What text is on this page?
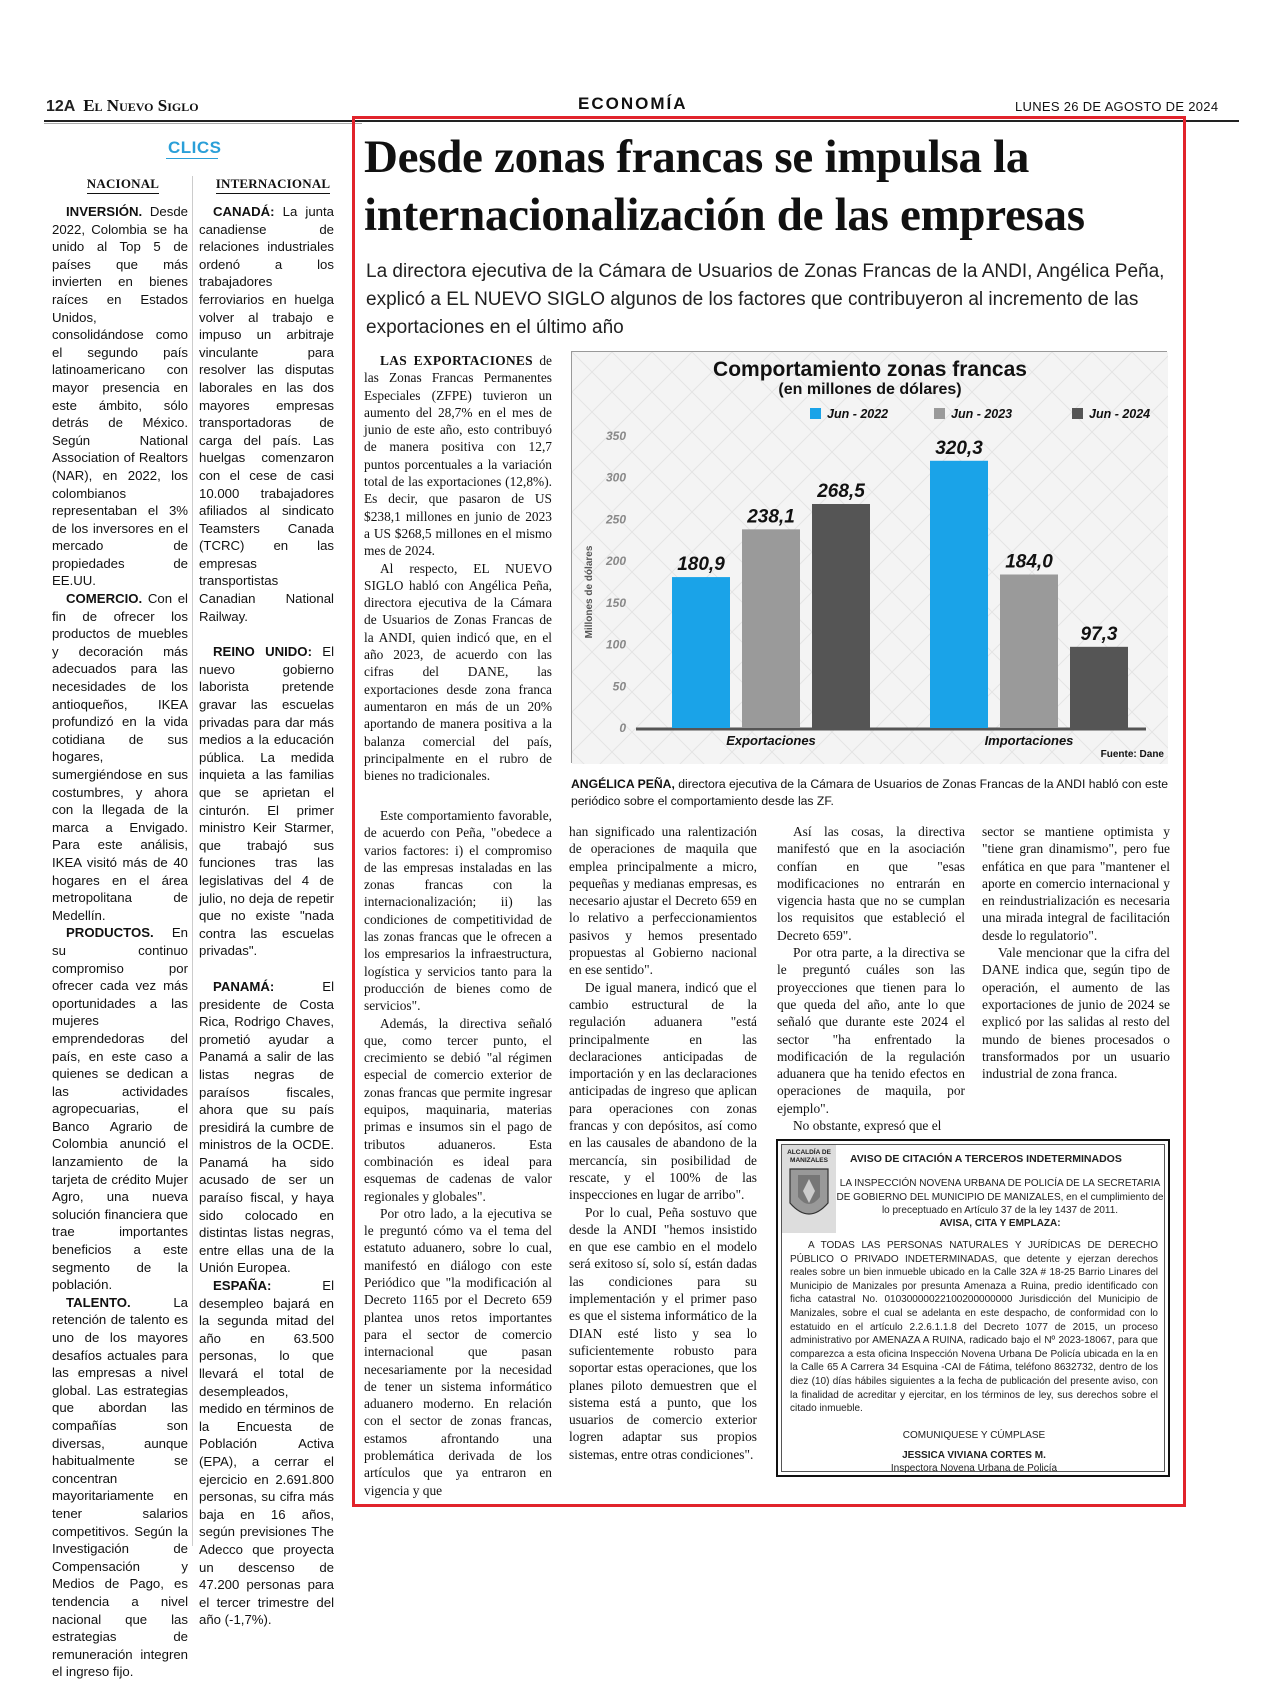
12A El Nuevo Siglo	ECONOMÍA	LUNES 26 DE AGOSTO DE 2024
CLICS
NACIONAL	INTERNACIONAL

INVERSIÓN. Desde 2022, Colombia se ha unido al Top 5 de países que más invierten en bienes raíces en Estados Unidos, consolidándose como el segundo país latinoamericano con mayor presencia en este ámbito, sólo detrás de México. Según National Association of Realtors (NAR), en 2022, los colombianos representaban el 3% de los inversores en el mercado de propiedades de EE.UU.

COMERCIO. Con el fin de ofrecer los productos de muebles y decoración más adecuados para las necesidades de los antioqueños, IKEA profundizó en la vida cotidiana de sus hogares, sumergiéndose en sus costumbres, y ahora con la llegada de la marca a Envigado. Para este análisis, IKEA visitó más de 40 hogares en el área metropolitana de Medellín.

PRODUCTOS. En su continuo compromiso por ofrecer cada vez más oportunidades a las mujeres emprendedoras del país, en este caso a quienes se dedican a las actividades agropecuarias, el Banco Agrario de Colombia anunció el lanzamiento de la tarjeta de crédito Mujer Agro, una nueva solución financiera que trae importantes beneficios a este segmento de la población.

TALENTO. La retención de talento es uno de los mayores desafíos actuales para las empresas a nivel global. Las estrategias que abordan las compañías son diversas, aunque habitualmente se concentran mayoritariamente en tener salarios competitivos. Según la Investigación de Compensación y Medios de Pago, es tendencia a nivel nacional que las estrategias de remuneración integren el ingreso fijo.

CANADÁ: La junta canadiense de relaciones industriales ordenó a los trabajadores ferroviarios en huelga volver al trabajo e impuso un arbitraje vinculante para resolver las disputas laborales en las dos mayores empresas transportadoras de carga del país. Las huelgas comenzaron con el cese de casi 10.000 trabajadores afiliados al sindicato Teamsters Canada (TCRC) en las empresas transportistas Canadian National Railway.

REINO UNIDO: El nuevo gobierno laborista pretende gravar las escuelas privadas para dar más medios a la educación pública. La medida inquieta a las familias que se aprietan el cinturón. El primer ministro Keir Starmer, que trabajó sus funciones tras las legislativas del 4 de julio, no deja de repetir que no existe "nada contra las escuelas privadas".

PANAMÁ: El presidente de Costa Rica, Rodrigo Chaves, prometió ayudar a Panamá a salir de las listas negras de paraísos fiscales, ahora que su país presidirá la cumbre de ministros de la OCDE. Panamá ha sido acusado de ser un paraíso fiscal, y haya sido colocado en distintas listas negras, entre ellas una de la Unión Europea.

ESPAÑA: El desempleo bajará en la segunda mitad del año en 63.500 personas, lo que llevará el total de desempleados, medido en términos de la Encuesta de Población Activa (EPA), a cerrar el ejercicio en 2.691.800 personas, su cifra más baja en 16 años, según previsiones The Adecco que proyecta un descenso de 47.200 personas para el tercer trimestre del año (-1,7%).

Desde zonas francas se impulsa la internacionalización de las empresas
La directora ejecutiva de la Cámara de Usuarios de Zonas Francas de la ANDI, Angélica Peña, explicó a EL NUEVO SIGLO algunos de los factores que contribuyeron al incremento de las exportaciones en el último año

LAS EXPORTACIONES de las Zonas Francas Permanentes Especiales (ZFPE) tuvieron un aumento del 28,7% en el mes de junio de este año, esto contribuyó de manera positiva con 12,7 puntos porcentuales a la variación total de las exportaciones (12,8%). Es decir, que pasaron de US $238,1 millones en junio de 2023 a US $268,5 millones en el mismo mes de 2024.

Al respecto, EL NUEVO SIGLO habló con Angélica Peña, directora ejecutiva de la Cámara de Usuarios de Zonas Francas de la ANDI, quien indicó que, en el año 2023, de acuerdo con las cifras del DANE, las exportaciones desde zona franca aumentaron en más de un 20% aportando de manera positiva a la balanza comercial del país, principalmente en el rubro de bienes no tradicionales.

Comportamiento zonas francas
(en millones de dólares)
Millones de dólares
Jun - 2022	Jun - 2023	Jun - 2024
0
50
100
150
200
250
300
350
180,9
238,1
268,5
Exportaciones
320,3
184,0
97,3
Importaciones
Fuente: Dane
ANGÉLICA PEÑA, directora ejecutiva de la Cámara de Usuarios de Zonas Francas de la ANDI habló con este periódico sobre el comportamiento desde las ZF.

Este comportamiento favorable, de acuerdo con Peña, "obedece a varios factores: i) el compromiso de las empresas instaladas en las zonas francas con la internacionalización; ii) las condiciones de competitividad de las zonas francas que le ofrecen a los empresarios la infraestructura, logística y servicios tanto para la producción de bienes como de servicios".

Además, la directiva señaló que, como tercer punto, el crecimiento se debió "al régimen especial de comercio exterior de zonas francas que permite ingresar equipos, maquinaria, materias primas e insumos sin el pago de tributos aduaneros. Esta combinación es ideal para esquemas de cadenas de valor regionales y globales".

Por otro lado, a la ejecutiva se le preguntó cómo va el tema del estatuto aduanero, sobre lo cual, manifestó en diálogo con este Periódico que "la modificación al Decreto 1165 por el Decreto 659 plantea unos retos importantes para el sector de comercio internacional que pasan necesariamente por la necesidad de tener un sistema informático aduanero moderno. En relación con el sector de zonas francas, estamos afrontando una problemática derivada de los artículos que ya entraron en vigencia y que

han significado una ralentización de operaciones de maquila que emplea principalmente a micro, pequeñas y medianas empresas, es necesario ajustar el Decreto 659 en lo relativo a perfeccionamientos pasivos y hemos presentado propuestas al Gobierno nacional en ese sentido".

De igual manera, indicó que el cambio estructural de la regulación aduanera "está principalmente en las declaraciones anticipadas de importación y en las declaraciones anticipadas de ingreso que aplican para operaciones con zonas francas y con depósitos, así como en las causales de abandono de la mercancía, sin posibilidad de rescate, y el 100% de las inspecciones en lugar de arribo".

Por lo cual, Peña sostuvo que desde la ANDI "hemos insistido en que ese cambio en el modelo será exitoso sí, solo sí, están dadas las condiciones para su implementación y el primer paso es que el sistema informático de la DIAN esté listo y sea lo suficientemente robusto para soportar estas operaciones, que los planes piloto demuestren que el sistema está a punto, que los usuarios de comercio exterior logren adaptar sus propios sistemas, entre otras condiciones".

Así las cosas, la directiva manifestó que en la asociación confían en que "esas modificaciones no entrarán en vigencia hasta que no se cumplan los requisitos que estableció el Decreto 659".

Por otra parte, a la directiva se le preguntó cuáles son las proyecciones que tienen para lo que queda del año, ante lo que señaló que durante este 2024 el sector "ha enfrentado la modificación de la regulación aduanera que ha tenido efectos en operaciones de maquila, por ejemplo".

No obstante, expresó que el

sector se mantiene optimista y "tiene gran dinamismo", pero fue enfática en que para "mantener el aporte en comercio internacional y en reindustrialización es necesaria una mirada integral de facilitación desde lo regulatorio".

Vale mencionar que la cifra del DANE indica que, según tipo de operación, el aumento de las exportaciones de junio de 2024 se explicó por las salidas al resto del mundo de bienes procesados o transformados por un usuario industrial de zona franca.

ALCALDÍA DE
MANIZALES AVISO DE CITACIÓN A TERCEROS INDETERMINADOS
LA INSPECCIÓN NOVENA URBANA DE POLICÍA DE LA SECRETARIA DE GOBIERNO DEL MUNICIPIO DE MANIZALES, en el cumplimiento de lo preceptuado en Artículo 37 de la ley 1437 de 2011.
AVISA, CITA Y EMPLAZA:
A TODAS LAS PERSONAS NATURALES Y JURÍDICAS DE DERECHO PÚBLICO O PRIVADO INDETERMINADAS, que detente y ejerzan derechos reales sobre un bien inmueble ubicado en la Calle 32A # 18-25 Barrio Linares del Municipio de Manizales por presunta Amenaza a Ruina, predio identificado con ficha catastral No. 01030000022100200000000 Jurisdicción del Municipio de Manizales, sobre el cual se adelanta en este despacho, de conformidad con lo estatuido en el artículo 2.2.6.1.1.8 del Decreto 1077 de 2015, un proceso administrativo por AMENAZA A RUINA, radicado bajo el Nº 2023-18067, para que comparezca a esta oficina Inspección Novena Urbana De Policía ubicada en la en la Calle 65 A Carrera 34 Esquina -CAI de Fátima, teléfono 8632732, dentro de los diez (10) días hábiles siguientes a la fecha de publicación del presente aviso, con la finalidad de acreditar y ejercitar, en los términos de ley, sus derechos sobre el citado inmueble.
COMUNIQUESE Y CÚMPLASE
JESSICA VIVIANA CORTES M.
Inspectora Novena Urbana de Policía
